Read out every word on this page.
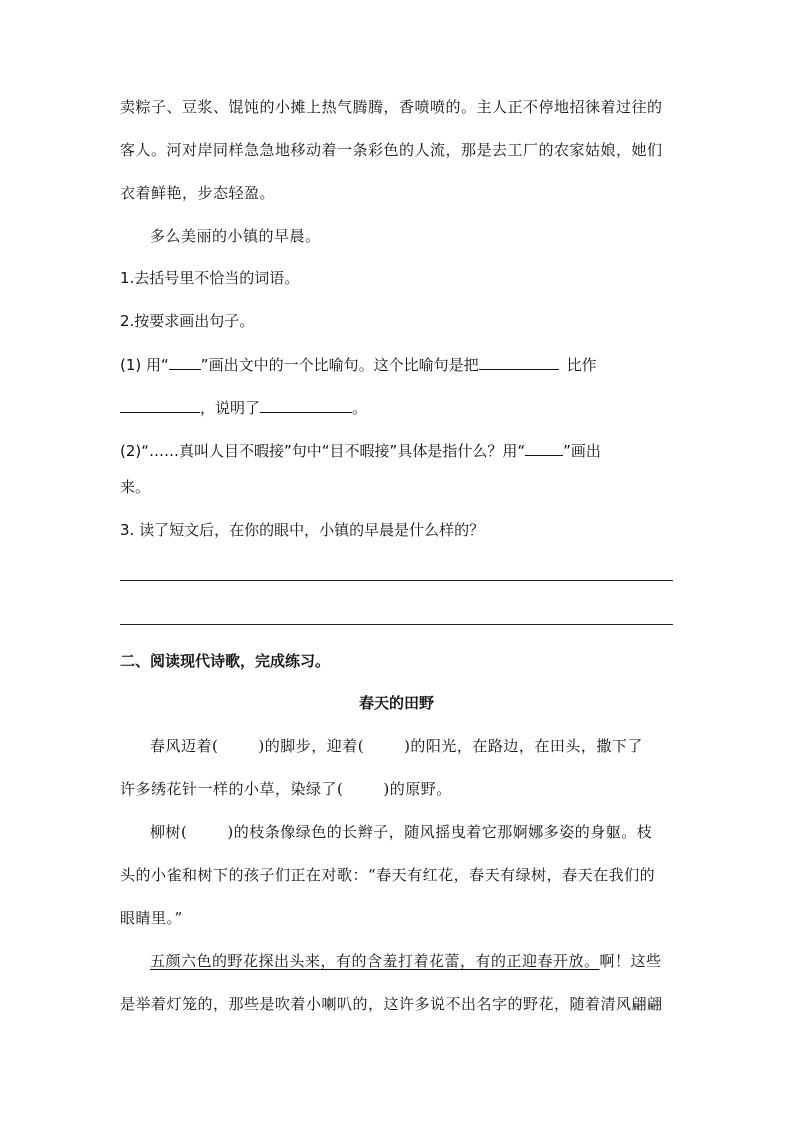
卖粽子、豆浆、馄饨的小摊上热气腾腾，香喷喷的。主人正不停地招徕着过往的
客人。河对岸同样急急地移动着一条彩色的人流，那是去工厂的农家姑娘，她们
衣着鲜艳，步态轻盈。
多么美丽的小镇的早晨。
1.去括号里不恰当的词语。
2.按要求画出句子。
(1) 用“ ”画出文中的一个比喻句。这个比喻句是把	比作
，说明了	。
(2)“……真叫人目不暇接”句中“目不暇接”具体是指什么？用“	”画出
来。
3. 读了短文后，在你的眼中，小镇的早晨是什么样的？
二、阅读现代诗歌，完成练习。
春天的田野
春风迈着(	)的脚步，迎着(	)的阳光，在路边，在田头，撒下了
许多绣花针一样的小草，染绿了(	)的原野。
柳树(	)的枝条像绿色的长辫子，随风摇曳着它那婀娜多姿的身躯。枝
头的小雀和树下的孩子们正在对歌：“春天有红花，春天有绿树，春天在我们的
眼睛里。”
五颜六色的野花探出头来，有的含羞打着花蕾，有的正迎春开放。啊！这些
是举着灯笼的，那些是吹着小喇叭的，这许多说不出名字的野花，随着清风翩翩
